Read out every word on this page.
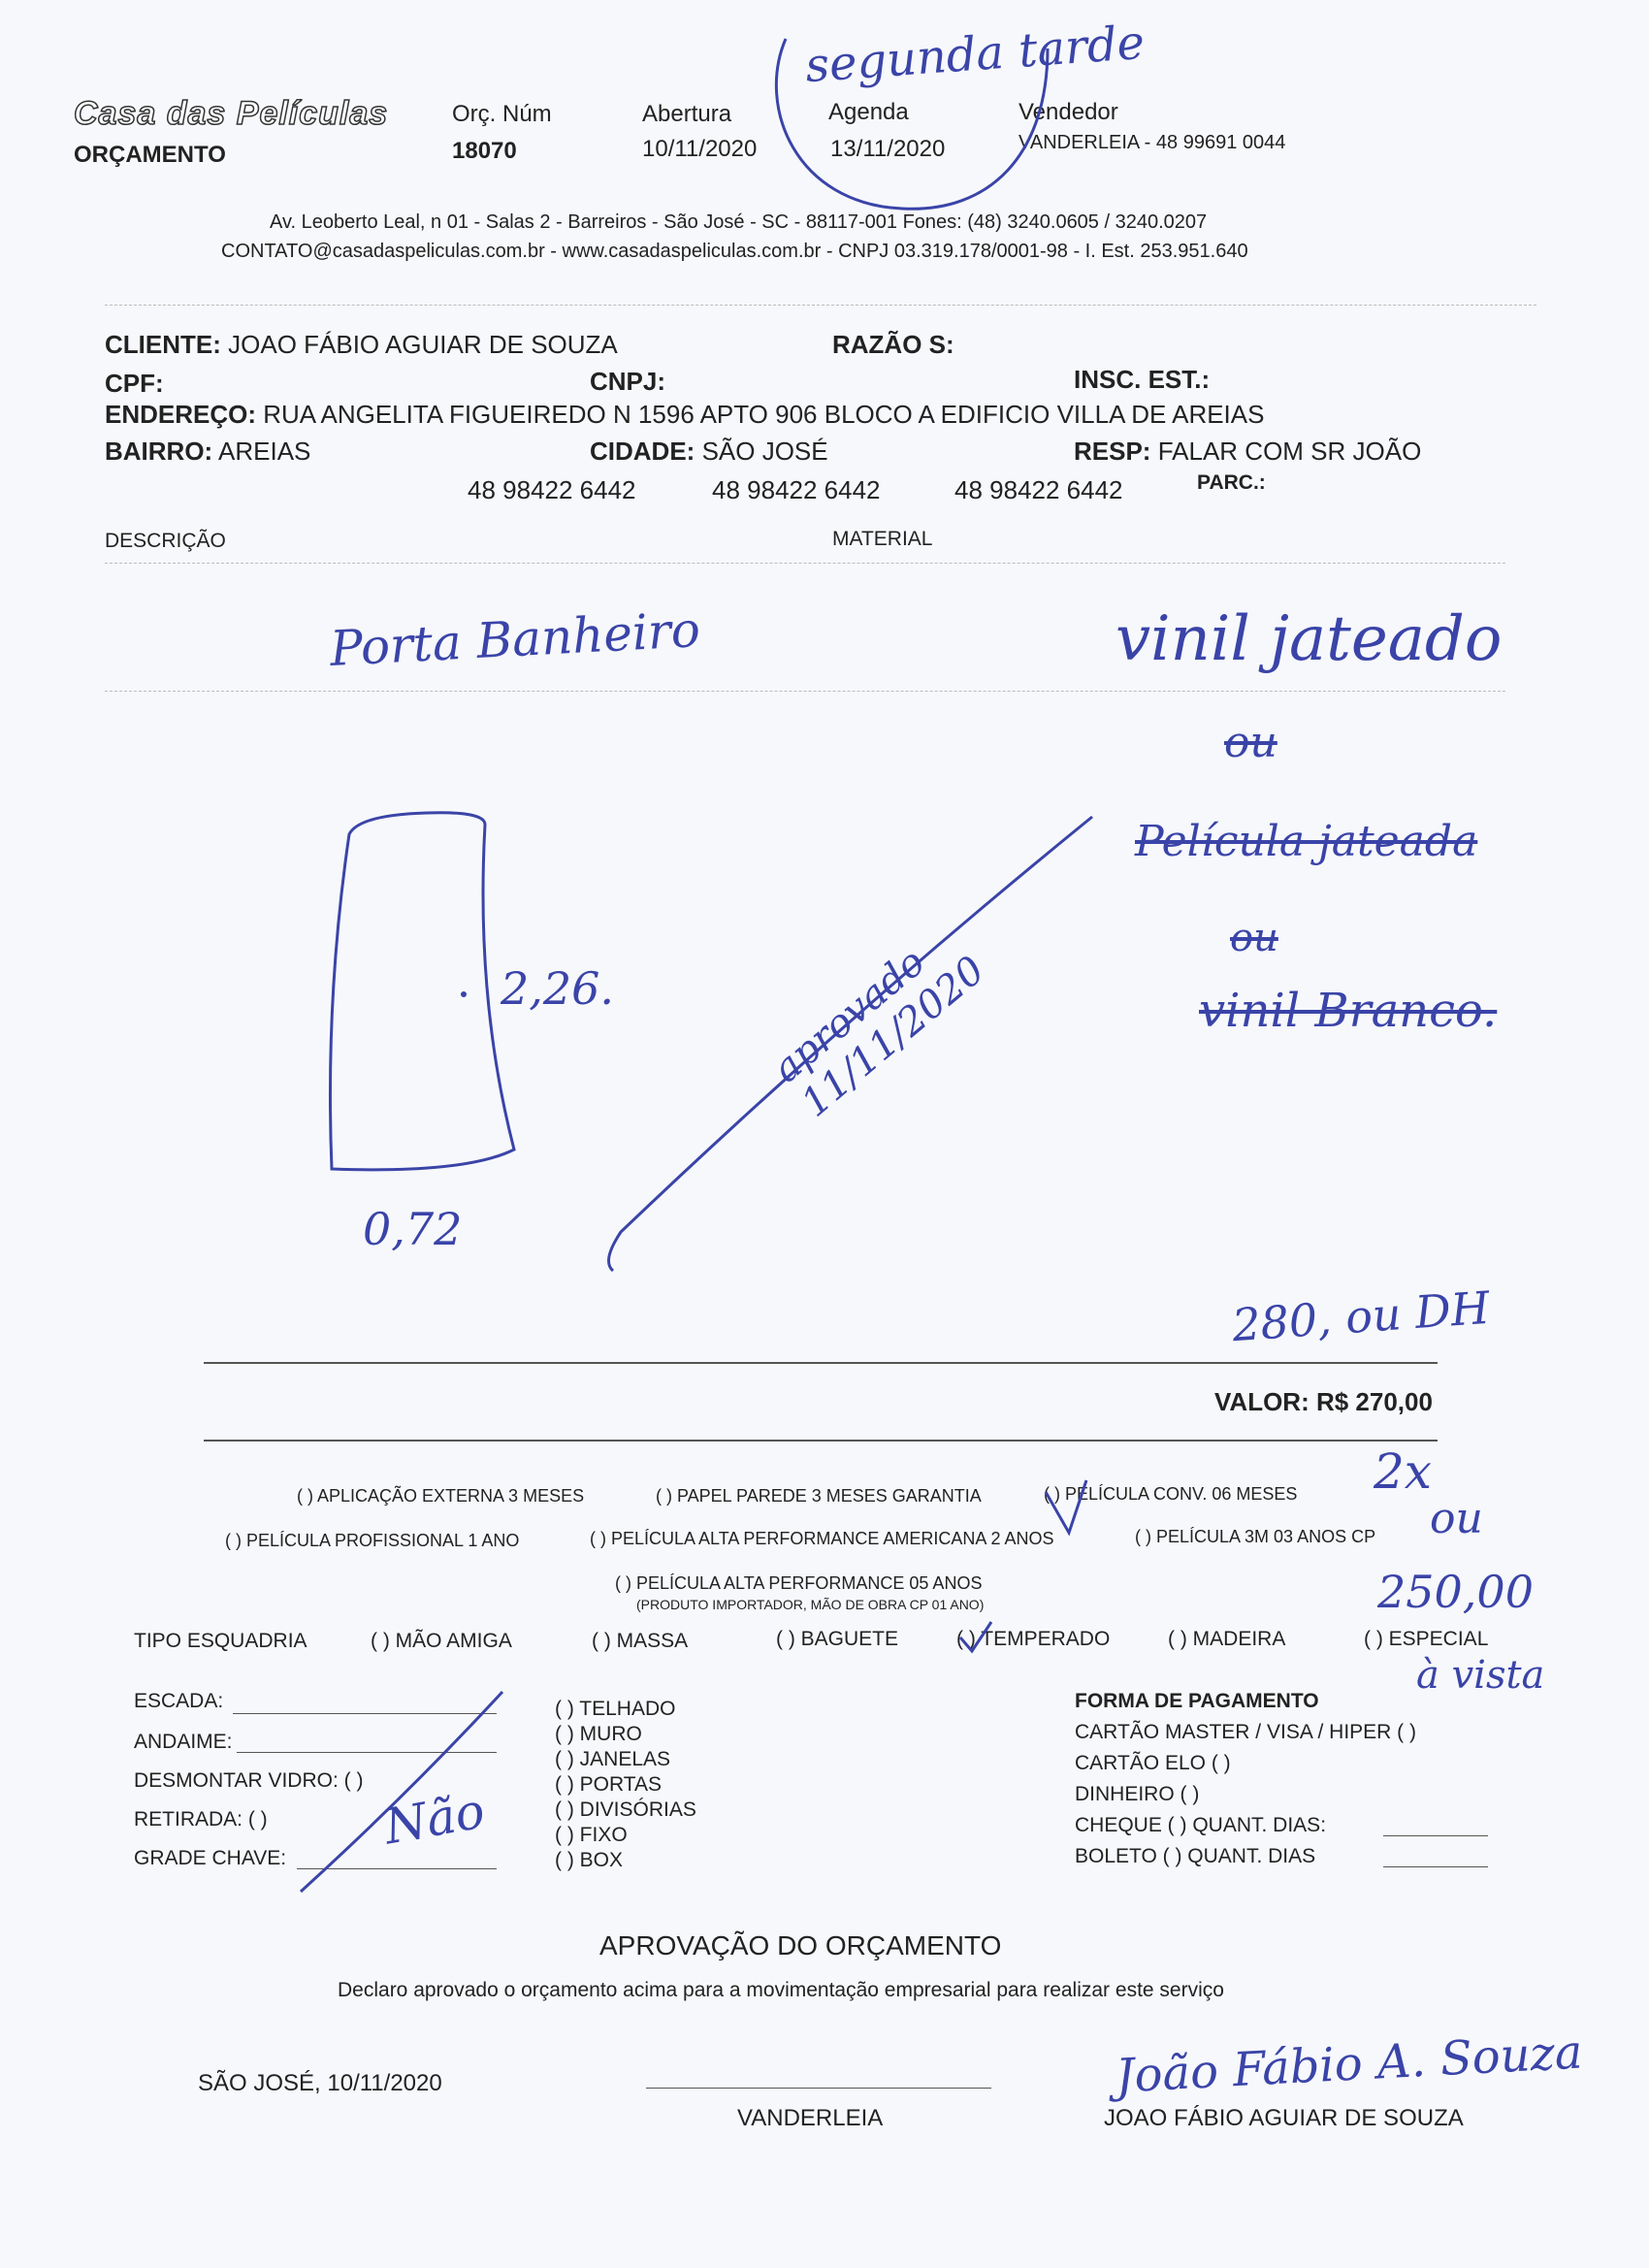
Casa das Películas
ORÇAMENTO
Orç. Núm
18070
Abertura
10/11/2020
Agenda
13/11/2020
Vendedor
VANDERLEIA - 48 99691 0044
Av. Leoberto Leal, n 01 - Salas 2 - Barreiros - São José - SC - 88117-001 Fones: (48) 3240.0605 / 3240.0207
CONTATO@casadaspeliculas.com.br - www.casadaspeliculas.com.br - CNPJ 03.319.178/0001-98 - I. Est. 253.951.640
CLIENTE: JOAO FÁBIO AGUIAR DE SOUZA	RAZÃO S:
CPF:	CNPJ:	INSC. EST.:
ENDEREÇO: RUA ANGELITA FIGUEIREDO N 1596 APTO 906 BLOCO A EDIFICIO VILLA DE AREIAS
BAIRRO: AREIAS	CIDADE: SÃO JOSÉ	RESP: FALAR COM SR JOÃO
48 98422 6442	48 98422 6442	48 98422 6442	PARC.:
DESCRIÇÃO	MATERIAL
segunda tarde
Porta Banheiro	vinil jateado
ou
Película jateada
ou
vinil Branco.
2,26.
0,72
aprovado 11/11/2020
280, ou DH
VALOR: R$ 270,00
2x
ou
250,00
à vista
( ) APLICAÇÃO EXTERNA 3 MESES	( ) PAPEL PAREDE 3 MESES GARANTIA	( ) PELÍCULA CONV. 06 MESES
( ) PELÍCULA PROFISSIONAL 1 ANO	( ) PELÍCULA ALTA PERFORMANCE AMERICANA 2 ANOS	( ) PELÍCULA 3M 03 ANOS CP
( ) PELÍCULA ALTA PERFORMANCE 05 ANOS
(PRODUTO IMPORTADOR, MÃO DE OBRA CP 01 ANO)
TIPO ESQUADRIA	( ) MÃO AMIGA	( ) MASSA	( ) BAGUETE	( ) TEMPERADO	( ) MADEIRA	( ) ESPECIAL
ESCADA:
ANDAIME:
DESMONTAR VIDRO: ( )
RETIRADA: ( )
GRADE CHAVE:
Não
( ) TELHADO
( ) MURO
( ) JANELAS
( ) PORTAS
( ) DIVISÓRIAS
( ) FIXO
( ) BOX
FORMA DE PAGAMENTO
CARTÃO MASTER / VISA / HIPER ( )
CARTÃO ELO ( )
DINHEIRO ( )
CHEQUE ( ) QUANT. DIAS:
BOLETO ( ) QUANT. DIAS
APROVAÇÃO DO ORÇAMENTO
Declaro aprovado o orçamento acima para a movimentação empresarial para realizar este serviço
SÃO JOSÉ, 10/11/2020
VANDERLEIA
João Fábio A. Souza
JOAO FÁBIO AGUIAR DE SOUZA
